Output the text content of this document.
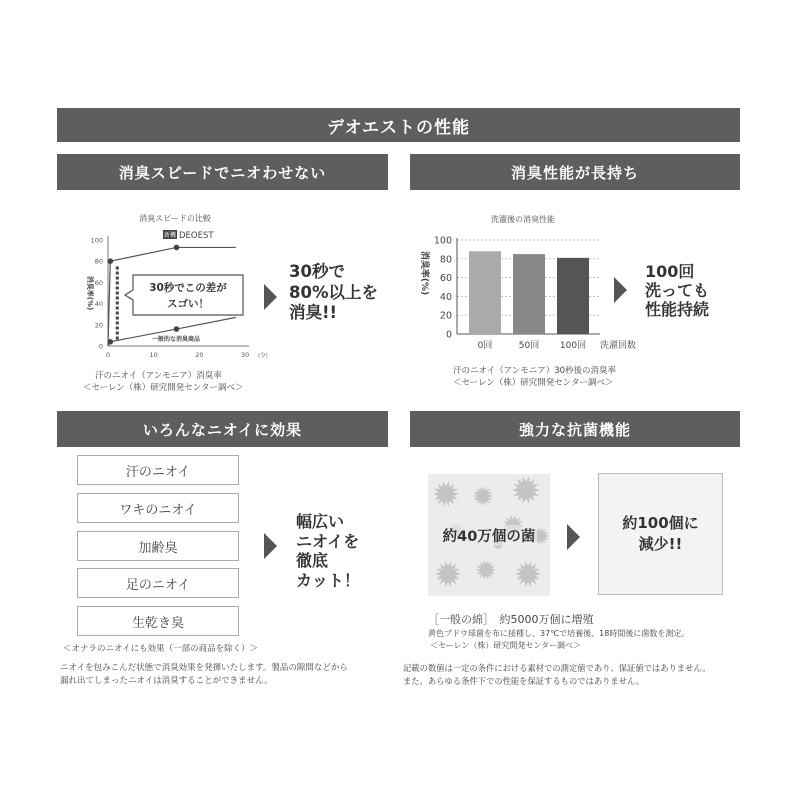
デオエストの性能
消臭スピードでニオわせない	消臭性能が長持ち
いろんなニオイに効果	強力な抗菌機能
消臭スピードの比較
0
20
40
60
80
100
0	10	20	30 (分)
消臭率(%)
新機 DEOEST
一般的な消臭商品
30秒でこの差が
スゴい！
30秒で
80%以上を
消臭!!
汗のニオイ（アンモニア）消臭率
＜セーレン（株）研究開発センター調べ＞
洗濯後の消臭性能
0
20
40
60
80
100
消臭率(%)
0回	50回 100回 洗濯回数
100回
洗っても
性能持続
汗のニオイ（アンモニア）30秒後の消臭率
＜セーレン（株）研究開発センター調べ＞
汗のニオイ
ワキのニオイ
加齢臭
足のニオイ
生乾き臭
幅広い
ニオイを
徹底
カット！
＜オナラのニオイにも効果（一部の商品を除く）＞
ニオイを包みこんだ状態で消臭効果を発揮いたします。製品の隙間などから
漏れ出てしまったニオイは消臭することができません。
約40万個の菌
約100個に
減少!!
［一般の綿］　約5000万個に増殖
黄色ブドウ球菌を布に接種し、37℃で培養後、18時間後に菌数を測定。
＜セーレン（株）研究開発センター調べ＞
記載の数値は一定の条件における素材での測定値であり、保証値ではありません。
また、あらゆる条件下での性能を保証するものではありません。
